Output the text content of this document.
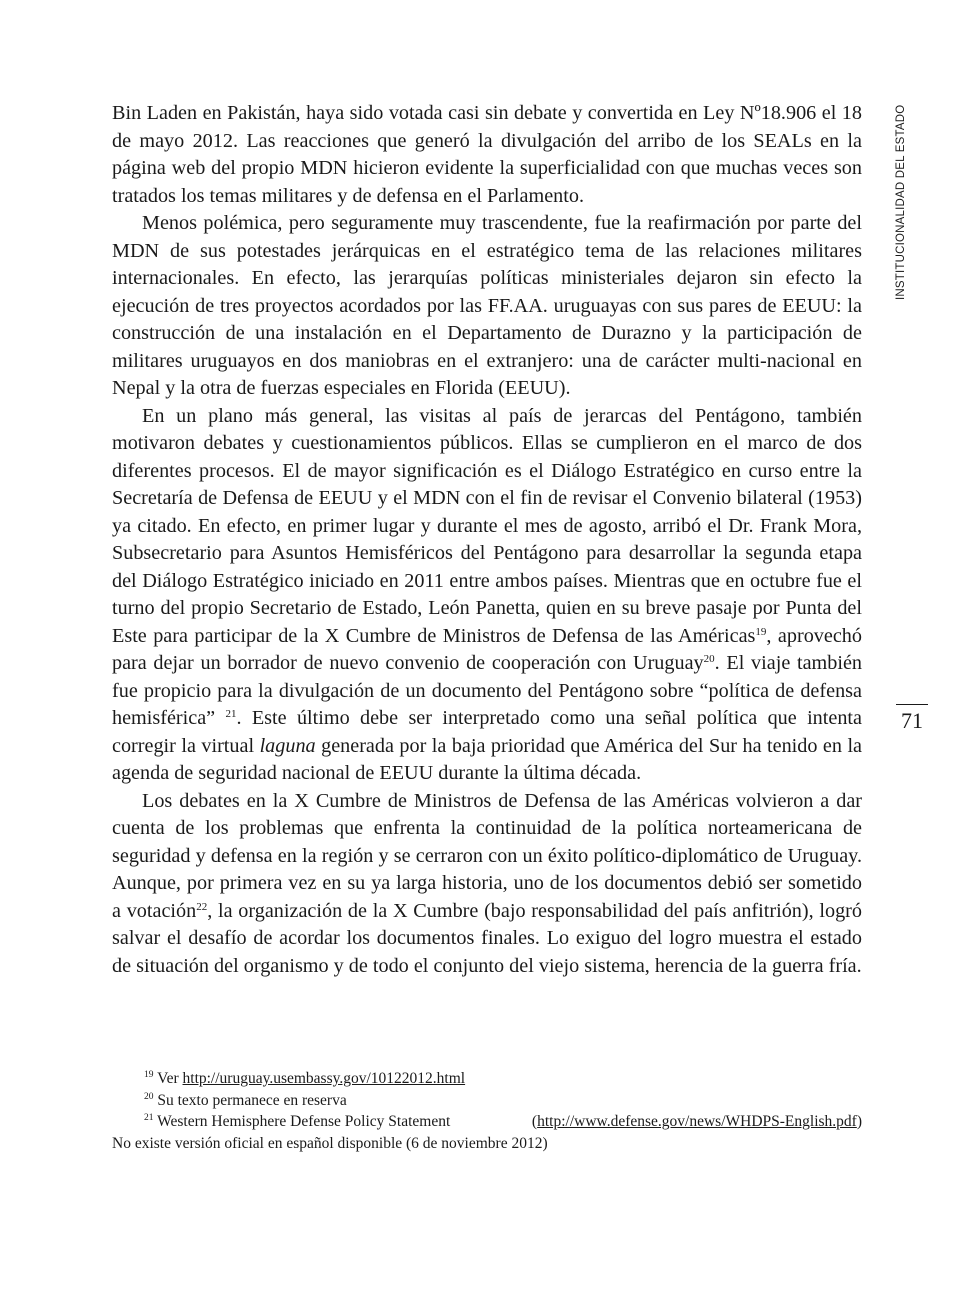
Bin Laden en Pakistán, haya sido votada casi sin debate y convertida en Ley Nº18.906 el 18 de mayo 2012. Las reacciones que generó la divulgación del arribo de los SEALs en la página web del propio MDN hicieron evidente la superficialidad con que muchas veces son tratados los temas militares y de defensa en el Parlamento.

Menos polémica, pero seguramente muy trascendente, fue la reafirmación por parte del MDN de sus potestades jerárquicas en el estratégico tema de las relaciones militares internacionales. En efecto, las jerarquías políticas ministeriales dejaron sin efecto la ejecución de tres proyectos acordados por las FF.AA. uruguayas con sus pares de EEUU: la construcción de una instalación en el Departamento de Durazno y la participación de militares uruguayos en dos maniobras en el extranjero: una de carácter multi-nacional en Nepal y la otra de fuerzas especiales en Florida (EEUU).

En un plano más general, las visitas al país de jerarcas del Pentágono, también motivaron debates y cuestionamientos públicos. Ellas se cumplieron en el marco de dos diferentes procesos. El de mayor significación es el Diálogo Estratégico en curso entre la Secretaría de Defensa de EEUU y el MDN con el fin de revisar el Convenio bilateral (1953) ya citado. En efecto, en primer lugar y durante el mes de agosto, arribó el Dr. Frank Mora, Subsecretario para Asuntos Hemisféricos del Pentágono para desarrollar la segunda etapa del Diálogo Estratégico iniciado en 2011 entre ambos países. Mientras que en octubre fue el turno del propio Secretario de Estado, León Panetta, quien en su breve pasaje por Punta del Este para participar de la X Cumbre de Ministros de Defensa de las Américas$^{19}$, aprovechó para dejar un borrador de nuevo convenio de cooperación con Uruguay$^{20}$. El viaje también fue propicio para la divulgación de un documento del Pentágono sobre “política de defensa hemisférica” $^{21}$. Este último debe ser interpretado como una señal política que intenta corregir la virtual laguna generada por la baja prioridad que América del Sur ha tenido en la agenda de seguridad nacional de EEUU durante la última década.

Los debates en la X Cumbre de Ministros de Defensa de las Américas volvieron a dar cuenta de los problemas que enfrenta la continuidad de la política norteamericana de seguridad y defensa en la región y se cerraron con un éxito político-diplomático de Uruguay. Aunque, por primera vez en su ya larga historia, uno de los documentos debió ser sometido a votación$^{22}$, la organización de la X Cumbre (bajo responsabilidad del país anfitrión), logró salvar el desafío de acordar los documentos finales. Lo exiguo del logro muestra el estado de situación del organismo y de todo el conjunto del viejo sistema, herencia de la guerra fría.

INSTITUCIONALIDAD DEL ESTADO
71

$^{19}$ Ver http://uruguay.usembassy.gov/10122012.html

$^{20}$ Su texto permanece en reserva

$^{21}$ Western Hemisphere Defense Policy Statement	(http://www.defense.gov/news/WHDPS-English.pdf)

No existe versión oficial en español disponible (6 de noviembre 2012)
